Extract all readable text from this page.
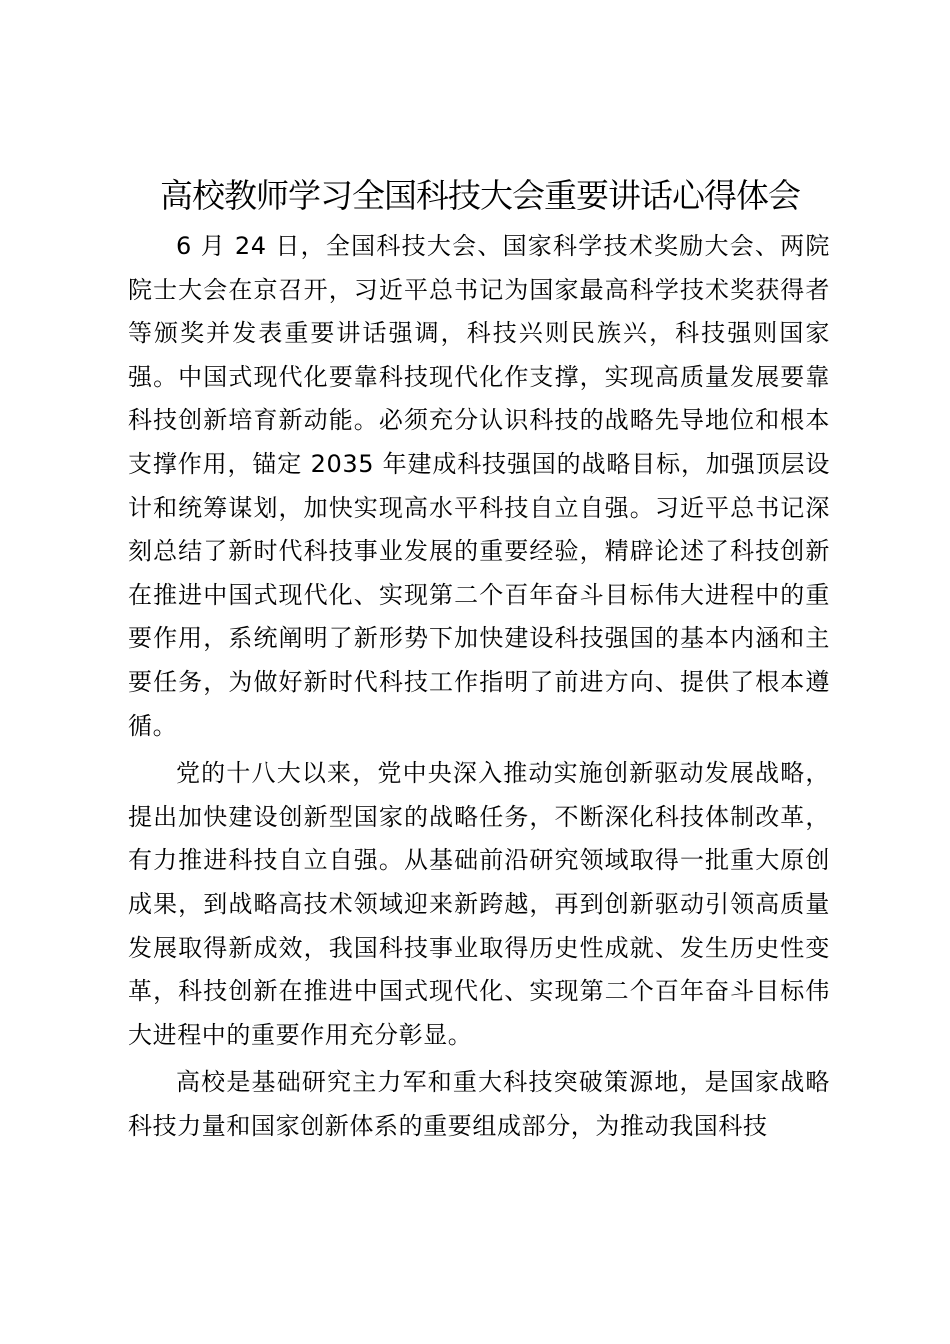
高校教师学习全国科技大会重要讲话心得体会

6 月 24 日，全国科技大会、国家科学技术奖励大会、两院院士大会在京召开，习近平总书记为国家最高科学技术奖获得者等颁奖并发表重要讲话强调，科技兴则民族兴，科技强则国家强。中国式现代化要靠科技现代化作支撑，实现高质量发展要靠科技创新培育新动能。必须充分认识科技的战略先导地位和根本支撑作用，锚定 2035 年建成科技强国的战略目标，加强顶层设计和统筹谋划，加快实现高水平科技自立自强。习近平总书记深刻总结了新时代科技事业发展的重要经验，精辟论述了科技创新在推进中国式现代化、实现第二个百年奋斗目标伟大进程中的重要作用，系统阐明了新形势下加快建设科技强国的基本内涵和主要任务，为做好新时代科技工作指明了前进方向、提供了根本遵循。

党的十八大以来，党中央深入推动实施创新驱动发展战略，提出加快建设创新型国家的战略任务，不断深化科技体制改革，有力推进科技自立自强。从基础前沿研究领域取得一批重大原创成果，到战略高技术领域迎来新跨越，再到创新驱动引领高质量发展取得新成效，我国科技事业取得历史性成就、发生历史性变革，科技创新在推进中国式现代化、实现第二个百年奋斗目标伟大进程中的重要作用充分彰显。

高校是基础研究主力军和重大科技突破策源地，是国家战略科技力量和国家创新体系的重要组成部分，为推动我国科技
